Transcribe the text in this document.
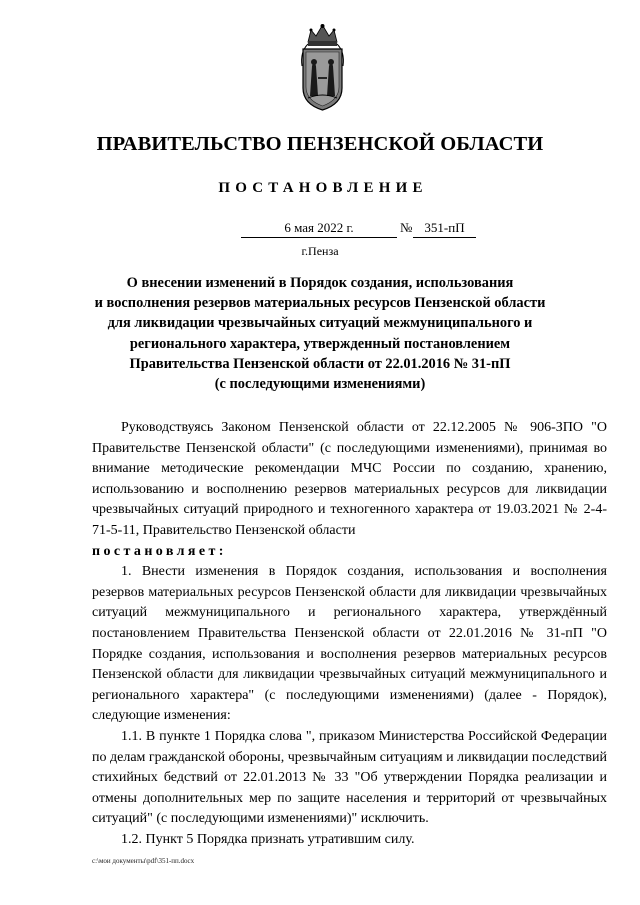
ПРАВИТЕЛЬСТВО ПЕНЗЕНСКОЙ ОБЛАСТИ
ПОСТАНОВЛЕНИЕ
6 мая 2022 г.	№ 351-пП
г.Пенза
О внесении изменений в Порядок создания, использования
и восполнения резервов материальных ресурсов Пензенской области
для ликвидации чрезвычайных ситуаций межмуниципального и
регионального характера, утвержденный постановлением
Правительства Пензенской области от 22.01.2016 № 31-пП
(с последующими изменениями)

Руководствуясь Законом Пензенской области от 22.12.2005 № 906-ЗПО "О Правительстве Пензенской области" (с последующими изменениями), принимая во внимание методические рекомендации МЧС России по созданию, хранению, использованию и восполнению резервов материальных ресурсов для ликвидации чрезвычайных ситуаций природного и техногенного характера от 19.03.2021 № 2-4-71-5-11, Правительство Пензенской области

постановляет:

1. Внести изменения в Порядок создания, использования и восполнения резервов материальных ресурсов Пензенской области для ликвидации чрезвычайных ситуаций межмуниципального и регионального характера, утверждённый постановлением Правительства Пензенской области от 22.01.2016 № 31-пП "О Порядке создания, использования и восполнения резервов материальных ресурсов Пензенской области для ликвидации чрезвычайных ситуаций межмуниципального и регионального характера" (с последующими изменениями) (далее - Порядок), следующие изменения:

1.1. В пункте 1 Порядка слова ", приказом Министерства Российской Федерации по делам гражданской обороны, чрезвычайным ситуациям и ликвидации последствий стихийных бедствий от 22.01.2013 № 33 "Об утверждении Порядка реализации и отмены дополнительных мер по защите населения и территорий от чрезвычайных ситуаций" (с последующими изменениями)" исключить.

1.2. Пункт 5 Порядка признать утратившим силу.

c:\мои документы\pdf\351-пп.docx
